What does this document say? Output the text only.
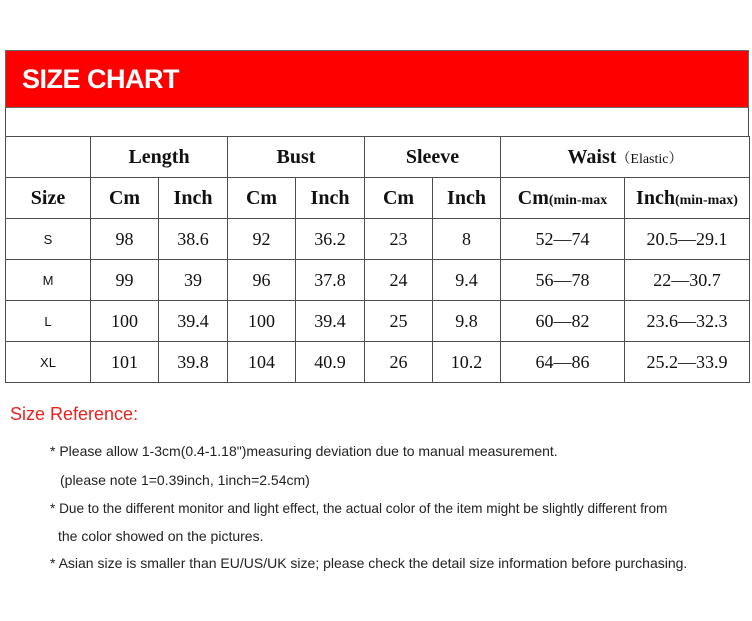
SIZE CHART
	Length		Bust		Sleeve		Waist（Elastic）	
Size	Cm	Inch	Cm	Inch	Cm	Inch	Cm(min-max	Inch(min-max)
S	98	38.6	92	36.2	23	8	52—74	20.5—29.1
M	99	39	96	37.8	24	9.4	56—78	22—30.7
L	100	39.4	100	39.4	25	9.8	60—82	23.6—32.3
XL	101	39.8	104	40.9	26	10.2	64—86	25.2—33.9
Size Reference:
* Please allow 1-3cm(0.4-1.18")measuring deviation due to manual measurement.
(please note 1=0.39inch, 1inch=2.54cm)
* Due to the different monitor and light effect, the actual color of the item might be slightly different from
the color showed on the pictures.
* Asian size is smaller than EU/US/UK size; please check the detail size information before purchasing.
